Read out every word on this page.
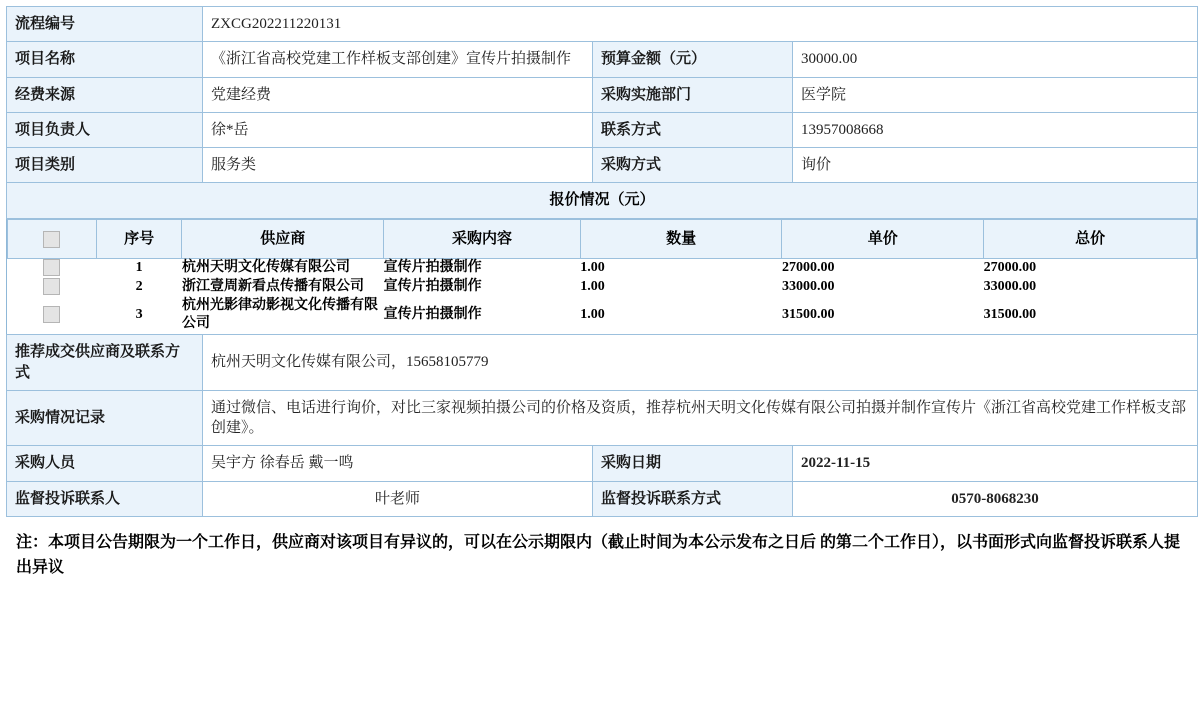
流程编号	ZXCG202211220131
项目名称	《浙江省高校党建工作样板支部创建》宣传片拍摄制作	预算金额（元）	30000.00
经费来源	党建经费	采购实施部门	医学院
项目负责人	徐*岳	联系方式	13957008668
项目类别	服务类	采购方式	询价
报价情况（元）

	序号	供应商	采购内容	数量	单价	总价
	1	杭州天明文化传媒有限公司	宣传片拍摄制作	1.00	27000.00	27000.00
	2	浙江壹周新看点传播有限公司	宣传片拍摄制作	1.00	33000.00	33000.00
	3	杭州光影律动影视文化传播有限公司	宣传片拍摄制作	1.00	31500.00	31500.00

推荐成交供应商及联系方式	杭州天明文化传媒有限公司，15658105779
采购情况记录	通过微信、电话进行询价，对比三家视频拍摄公司的价格及资质，推荐杭州天明文化传媒有限公司拍摄并制作宣传片《浙江省高校党建工作样板支部创建》。
采购人员	吴宇方 徐春岳 戴一鸣	采购日期	2022-11-15
监督投诉联系人	叶老师	监督投诉联系方式	0570-8068230
注：本项目公告期限为一个工作日，供应商对该项目有异议的，可以在公示期限内（截止时间为本公示发布之日后 的第二个工作日），以书面形式向监督投诉联系人提出异议
